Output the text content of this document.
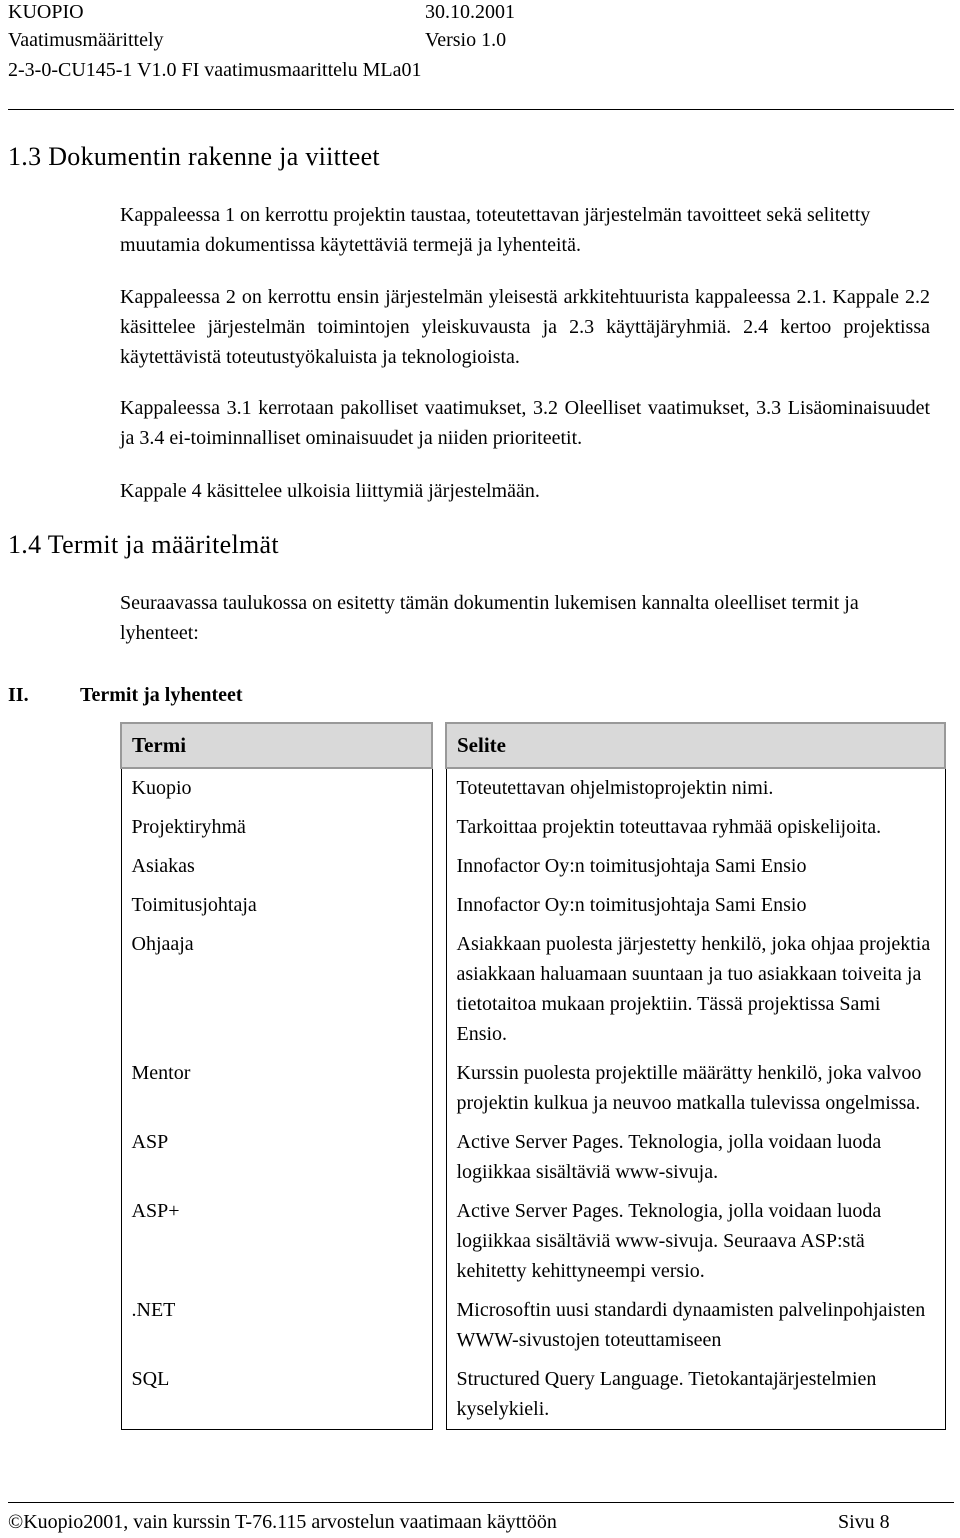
KUOPIO	30.10.2001
Vaatimusmäärittely	Versio 1.0
2-3-0-CU145-1 V1.0 FI vaatimusmaarittelu MLa01
1.3 Dokumentin rakenne ja viitteet
Kappaleessa 1 on kerrottu projektin taustaa, toteutettavan järjestelmän tavoitteet sekä selitetty muutamia dokumentissa käytettäviä termejä ja lyhenteitä.
Kappaleessa 2 on kerrottu ensin järjestelmän yleisestä arkkitehtuurista kappaleessa 2.1. Kappale 2.2 käsittelee järjestelmän toimintojen yleiskuvausta ja 2.3 käyttäjäryhmiä. 2.4 kertoo projektissa käytettävistä toteutustyökaluista ja teknologioista.
Kappaleessa 3.1 kerrotaan pakolliset vaatimukset, 3.2 Oleelliset vaatimukset, 3.3 Lisäominaisuudet ja 3.4 ei-toiminnalliset ominaisuudet ja niiden prioriteetit.
Kappale 4 käsittelee ulkoisia liittymiä järjestelmään.
1.4 Termit ja määritelmät
Seuraavassa taulukossa on esitetty tämän dokumentin lukemisen kannalta oleelliset termit ja lyhenteet:
II.	Termit ja lyhenteet
Termi		Selite
Kuopio		Toteutettavan ohjelmistoprojektin nimi.
Projektiryhmä		Tarkoittaa projektin toteuttavaa ryhmää opiskelijoita.
Asiakas		Innofactor Oy:n toimitusjohtaja Sami Ensio
Toimitusjohtaja		Innofactor Oy:n toimitusjohtaja Sami Ensio
Ohjaaja		Asiakkaan puolesta järjestetty henkilö, joka ohjaa projektia asiakkaan haluamaan suuntaan ja tuo asiakkaan toiveita ja tietotaitoa mukaan projektiin. Tässä projektissa Sami Ensio.
Mentor		Kurssin puolesta projektille määrätty henkilö, joka valvoo projektin kulkua ja neuvoo matkalla tulevissa ongelmissa.
ASP		Active Server Pages. Teknologia, jolla voidaan luoda logiikkaa sisältäviä www-sivuja.
ASP+		Active Server Pages. Teknologia, jolla voidaan luoda logiikkaa sisältäviä www-sivuja. Seuraava ASP:stä kehitetty kehittyneempi versio.
.NET		Microsoftin uusi standardi dynaamisten palvelinpohjaisten WWW-sivustojen toteuttamiseen
SQL		Structured Query Language. Tietokantajärjestelmien kyselykieli.
©Kuopio2001, vain kurssin T-76.115 arvostelun vaatimaan käyttöön	Sivu 8
